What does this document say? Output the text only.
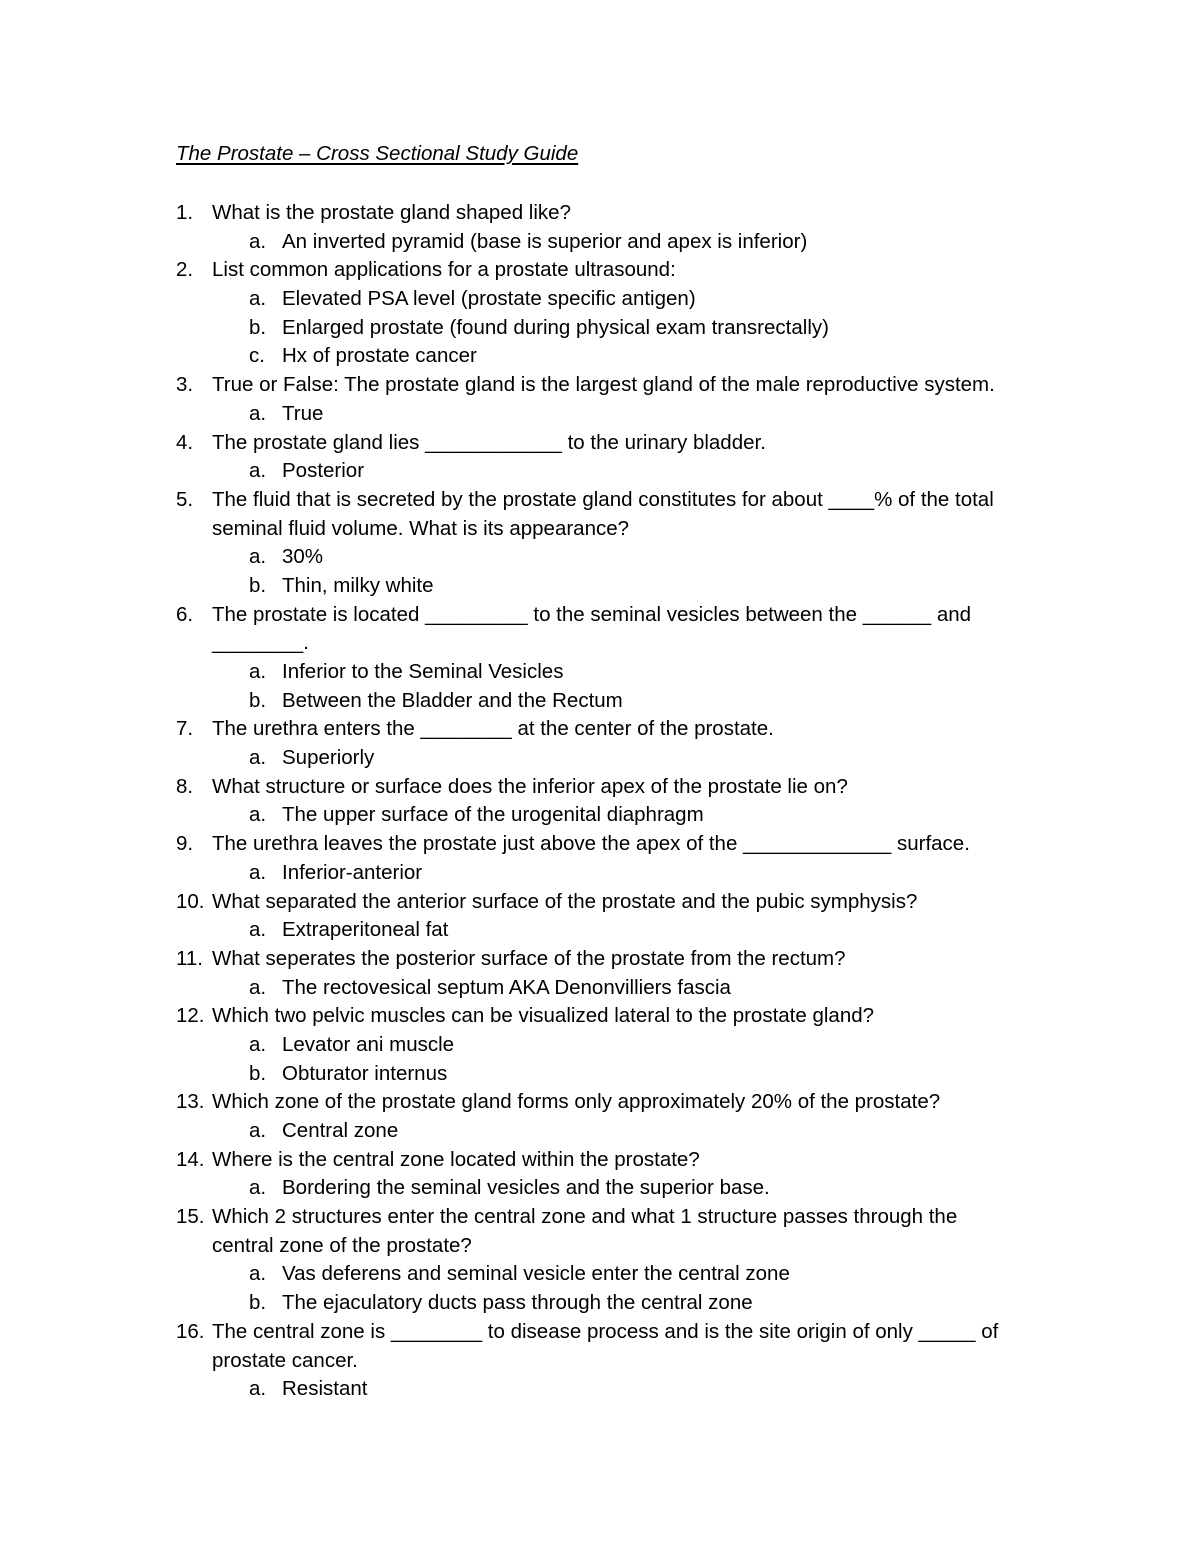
The Prostate – Cross Sectional Study Guide
1. What is the prostate gland shaped like?
a. An inverted pyramid (base is superior and apex is inferior)
2. List common applications for a prostate ultrasound:
a. Elevated PSA level (prostate specific antigen)
b. Enlarged prostate (found during physical exam transrectally)
c. Hx of prostate cancer
3. True or False: The prostate gland is the largest gland of the male reproductive system.
a. True
4. The prostate gland lies ____________ to the urinary bladder.
a. Posterior
5. The fluid that is secreted by the prostate gland constitutes for about ____% of the total
seminal fluid volume. What is its appearance?
a. 30%
b. Thin, milky white
6. The prostate is located _________ to the seminal vesicles between the ______ and
________.
a. Inferior to the Seminal Vesicles
b. Between the Bladder and the Rectum
7. The urethra enters the ________ at the center of the prostate.
a. Superiorly
8. What structure or surface does the inferior apex of the prostate lie on?
a. The upper surface of the urogenital diaphragm
9. The urethra leaves the prostate just above the apex of the _____________ surface.
a. Inferior-anterior
10. What separated the anterior surface of the prostate and the pubic symphysis?
a. Extraperitoneal fat
11. What seperates the posterior surface of the prostate from the rectum?
a. The rectovesical septum AKA Denonvilliers fascia
12. Which two pelvic muscles can be visualized lateral to the prostate gland?
a. Levator ani muscle
b. Obturator internus
13. Which zone of the prostate gland forms only approximately 20% of the prostate?
a. Central zone
14. Where is the central zone located within the prostate?
a. Bordering the seminal vesicles and the superior base.
15. Which 2 structures enter the central zone and what 1 structure passes through the
central zone of the prostate?
a. Vas deferens and seminal vesicle enter the central zone
b. The ejaculatory ducts pass through the central zone
16. The central zone is ________ to disease process and is the site origin of only _____ of
prostate cancer.
a. Resistant
